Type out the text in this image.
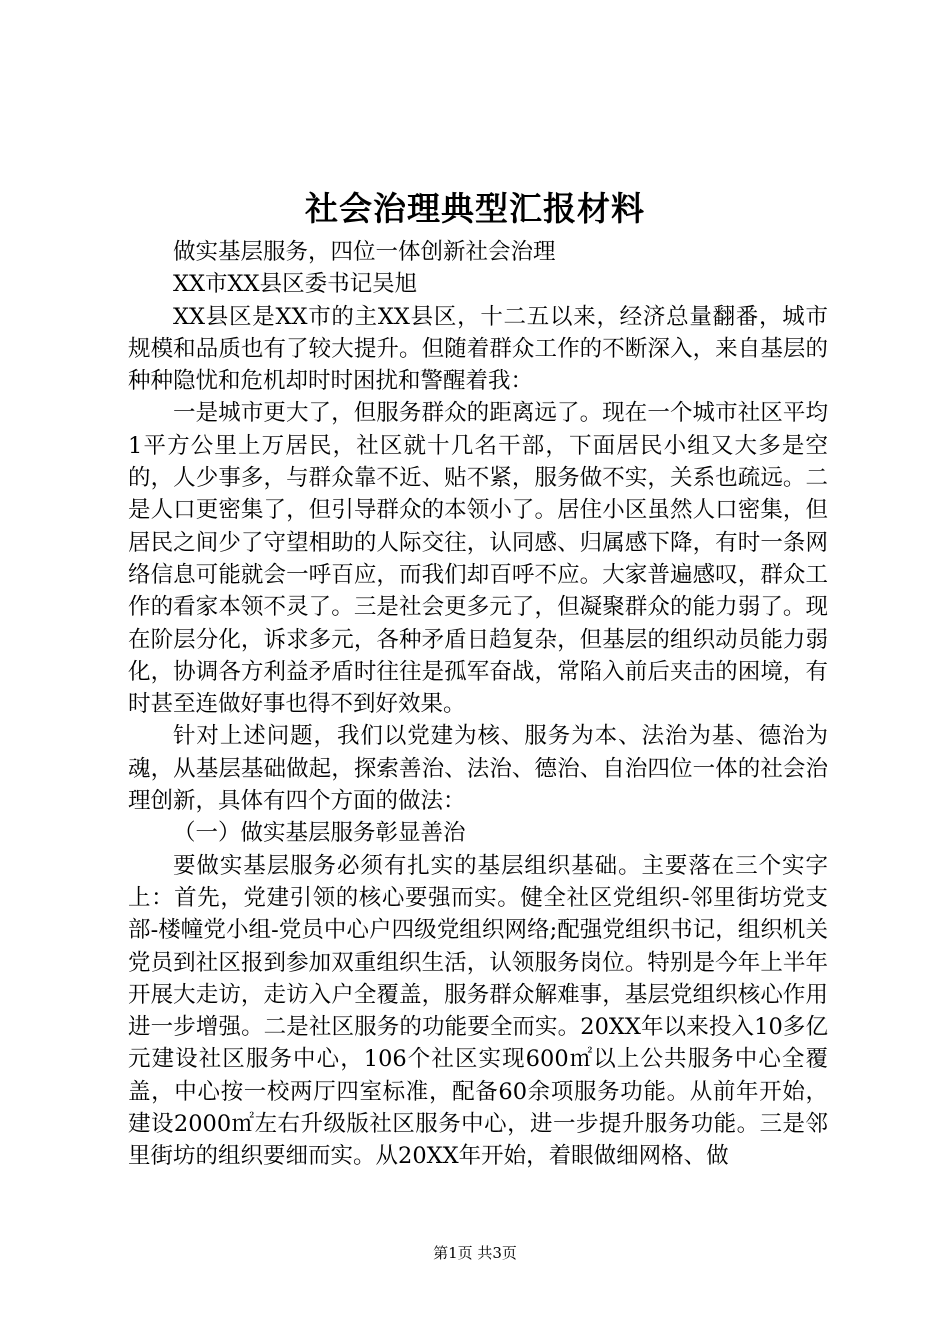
社会治理典型汇报材料

做实基层服务，四位一体创新社会治理

XX市XX县区委书记吴旭

XX县区是XX市的主XX县区，十二五以来，经济总量翻番，城市规模和品质也有了较大提升。但随着群众工作的不断深入，来自基层的种种隐忧和危机却时时困扰和警醒着我：

一是城市更大了，但服务群众的距离远了。现在一个城市社区平均1平方公里上万居民，社区就十几名干部，下面居民小组又大多是空的，人少事多，与群众靠不近、贴不紧，服务做不实，关系也疏远。二是人口更密集了，但引导群众的本领小了。居住小区虽然人口密集，但居民之间少了守望相助的人际交往，认同感、归属感下降，有时一条网络信息可能就会一呼百应，而我们却百呼不应。大家普遍感叹，群众工作的看家本领不灵了。三是社会更多元了，但凝聚群众的能力弱了。现在阶层分化，诉求多元，各种矛盾日趋复杂，但基层的组织动员能力弱化，协调各方利益矛盾时往往是孤军奋战，常陷入前后夹击的困境，有时甚至连做好事也得不到好效果。

针对上述问题，我们以党建为核、服务为本、法治为基、德治为魂，从基层基础做起，探索善治、法治、德治、自治四位一体的社会治理创新，具体有四个方面的做法：

（一）做实基层服务彰显善治

要做实基层服务必须有扎实的基层组织基础。主要落在三个实字上：首先，党建引领的核心要强而实。健全社区党组织-邻里街坊党支部-楼幢党小组-党员中心户四级党组织网络;配强党组织书记，组织机关党员到社区报到参加双重组织生活，认领服务岗位。特别是今年上半年开展大走访，走访入户全覆盖，服务群众解难事，基层党组织核心作用进一步增强。二是社区服务的功能要全而实。20XX年以来投入10多亿元建设社区服务中心，106个社区实现600㎡以上公共服务中心全覆盖，中心按一校两厅四室标准，配备60余项服务功能。从前年开始，建设2000㎡左右升级版社区服务中心，进一步提升服务功能。三是邻里街坊的组织要细而实。从20XX年开始，着眼做细网格、做

第1页 共3页
